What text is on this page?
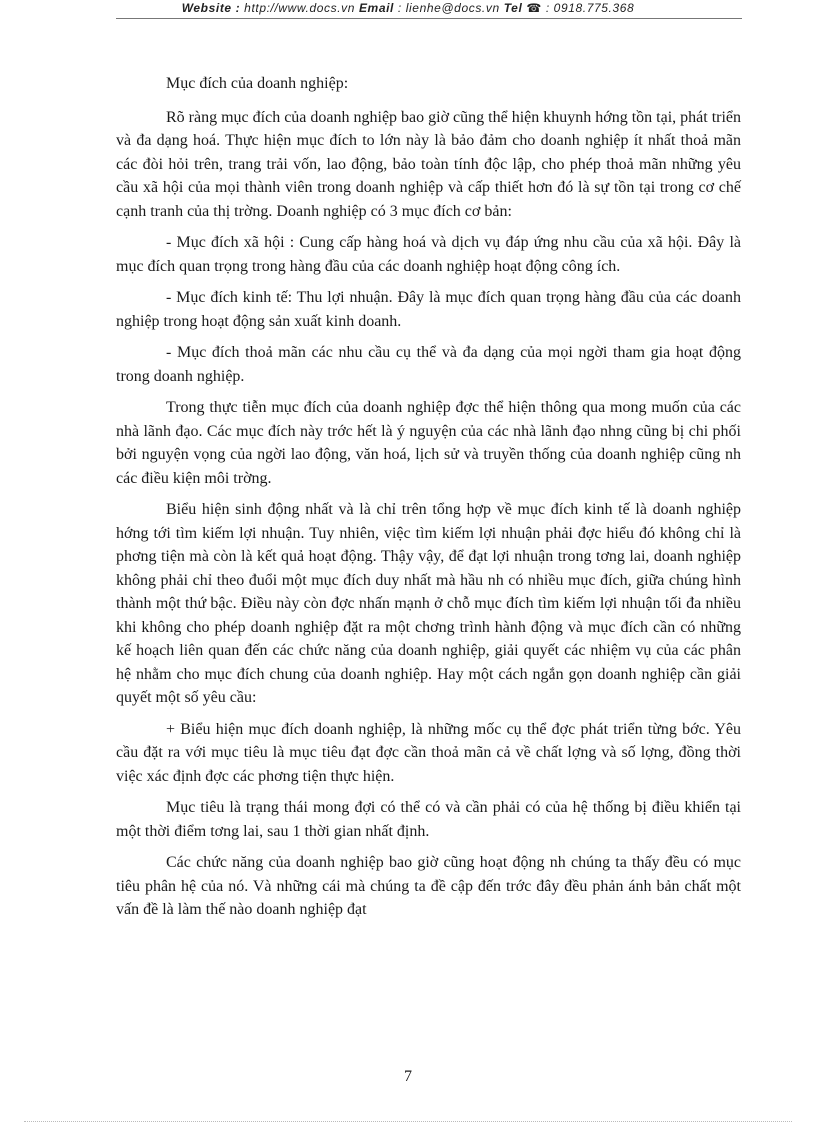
Website : http://www.docs.vn Email : lienhe@docs.vn Tel ☎ : 0918.775.368

Mục đích của doanh nghiệp:

Rõ ràng mục đích của doanh nghiệp bao giờ cũng thể hiện khuynh hớng tồn tại, phát triển và đa dạng hoá. Thực hiện mục đích to lớn này là bảo đảm cho doanh nghiệp ít nhất thoả mãn các đòi hỏi trên, trang trải vốn, lao động, bảo toàn tính độc lập, cho phép thoả mãn những yêu cầu xã hội của mọi thành viên trong doanh nghiệp và cấp thiết hơn đó là sự tồn tại trong cơ chế cạnh tranh của thị trờng. Doanh nghiệp có 3 mục đích cơ bản:

- Mục đích xã hội : Cung cấp hàng hoá và dịch vụ đáp ứng nhu cầu của xã hội. Đây là mục đích quan trọng trong hàng đầu của các doanh nghiệp hoạt động công ích.

- Mục đích kinh tế: Thu lợi nhuận. Đây là mục đích quan trọng hàng đầu của các doanh nghiệp trong hoạt động sản xuất kinh doanh.

- Mục đích thoả mãn các nhu cầu cụ thể và đa dạng của mọi ngời tham gia hoạt động trong doanh nghiệp.

Trong thực tiễn mục đích của doanh nghiệp đợc thể hiện thông qua mong muốn của các nhà lãnh đạo. Các mục đích này trớc hết là ý nguyện của các nhà lãnh đạo nhng cũng bị chi phối bởi nguyện vọng của ngời lao động, văn hoá, lịch sử và truyền thống của doanh nghiệp cũng nh các điều kiện môi trờng.

Biểu hiện sinh động nhất và là chỉ trên tổng hợp về mục đích kinh tế là doanh nghiệp hớng tới tìm kiếm lợi nhuận. Tuy nhiên, việc tìm kiếm lợi nhuận phải đợc hiểu đó không chỉ là phơng tiện mà còn là kết quả hoạt động. Thậy vậy, để đạt lợi nhuận trong tơng lai, doanh nghiệp không phải chỉ theo đuổi một mục đích duy nhất mà hầu nh có nhiều mục đích, giữa chúng hình thành một thứ bậc. Điều này còn đợc nhấn mạnh ở chỗ mục đích tìm kiếm lợi nhuận tối đa nhiều khi không cho phép doanh nghiệp đặt ra một chơng trình hành động và mục đích cần có những kế hoạch liên quan đến các chức năng của doanh nghiệp, giải quyết các nhiệm vụ của các phân hệ nhằm cho mục đích chung của doanh nghiệp. Hay một cách ngắn gọn doanh nghiệp cần giải quyết một số yêu cầu:

+ Biểu hiện mục đích doanh nghiệp, là những mốc cụ thể đợc phát triển từng bớc. Yêu cầu đặt ra với mục tiêu là mục tiêu đạt đợc cần thoả mãn cả về chất lợng và số lợng, đồng thời việc xác định đợc các phơng tiện thực hiện.

Mục tiêu là trạng thái mong đợi có thể có và cần phải có của hệ thống bị điều khiển tại một thời điểm tơng lai, sau 1 thời gian nhất định.

Các chức năng của doanh nghiệp bao giờ cũng hoạt động nh chúng ta thấy đều có mục tiêu phân hệ của nó. Và những cái mà chúng ta đề cập đến trớc đây đều phản ánh bản chất một vấn đề là làm thế nào doanh nghiệp đạt

7
